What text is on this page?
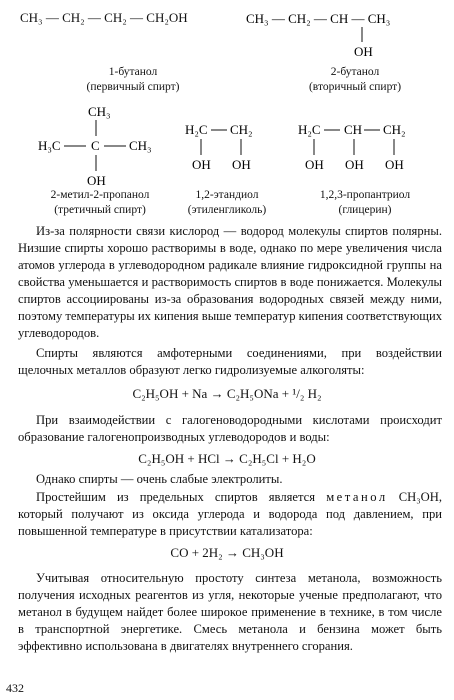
CH₃ — CH₂ — CH₂ — CH₂OH	CH₃ — CH₂ — CH — CH₃
OH
1-бутанол
(первичный спирт)
2-бутанол
(вторичный спирт)
CH₃
H₃C C CH₃
OH
H₂C CH₂
OH OH
H₂C CH CH₂
OH OH OH
2-метил-2-пропанол
(третичный спирт)
1,2-этандиол
(этиленгликоль)
1,2,3-пропантриол
(глицерин)

Из-за полярности связи кислород — водород молекулы спиртов полярны. Низшие спирты хорошо растворимы в воде, однако по мере увеличения числа атомов углерода в углеводородном радикале влияние гидроксидной группы на свойства уменьшается и растворимость спиртов в воде понижается. Молекулы спиртов ассоциированы из-за образования водородных связей между ними, поэтому температуры их кипения выше температур кипения соответствующих углеводородов.

Спирты являются амфотерными соединениями, при воздействии щелочных металлов образуют легко гидролизуемые алкоголяты:

C₂H₅OH + Na → C₂H₅ONa + ¹/₂ H₂

При взаимодействии с галогеноводородными кислотами происходит образование галогенопроизводных углеводородов и воды:

C₂H₅OH + HCl → C₂H₅Cl + H₂O

Однако спирты — очень слабые электролиты.

Простейшим из предельных спиртов является метанол CH₃OH, который получают из оксида углерода и водорода под давлением, при повышенной температуре в присутствии катализатора:

CO + 2H₂ → CH₃OH

Учитывая относительную простоту синтеза метанола, возможность получения исходных реагентов из угля, некоторые ученые предполагают, что метанол в будущем найдет более широкое применение в технике, в том числе в транспортной энергетике. Смесь метанола и бензина может быть эффективно использована в двигателях внутреннего сгорания.

432
